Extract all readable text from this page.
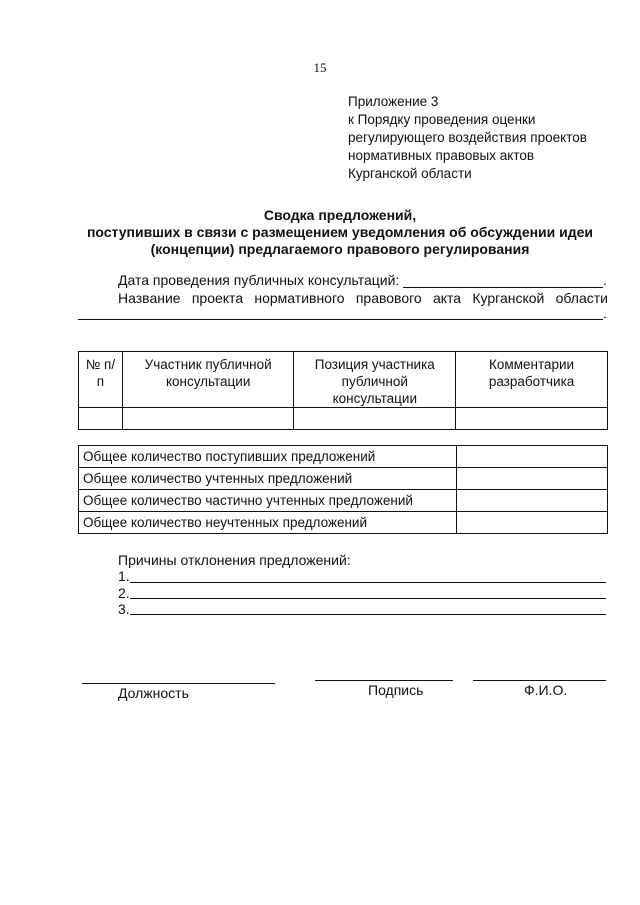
15
Приложение 3
к Порядку проведения оценки
регулирующего воздействия проектов
нормативных правовых актов
Курганской области
Сводка предложений,
поступивших в связи с размещением уведомления об обсуждении идеи
(концепции) предлагаемого правового регулирования
Дата проведения публичных консультаций:	.
Название проекта нормативного правового акта Курганской области
.
№ п/п	Участник публичной консультации	Позиция участника публичной консультации	Комментарии разработчика

Общее количество поступивших предложений	
Общее количество учтенных предложений	
Общее количество частично учтенных предложений	
Общее количество неучтенных предложений	
Причины отклонения предложений:
1.
2.
3.
Должность	Подпись	Ф.И.О.
